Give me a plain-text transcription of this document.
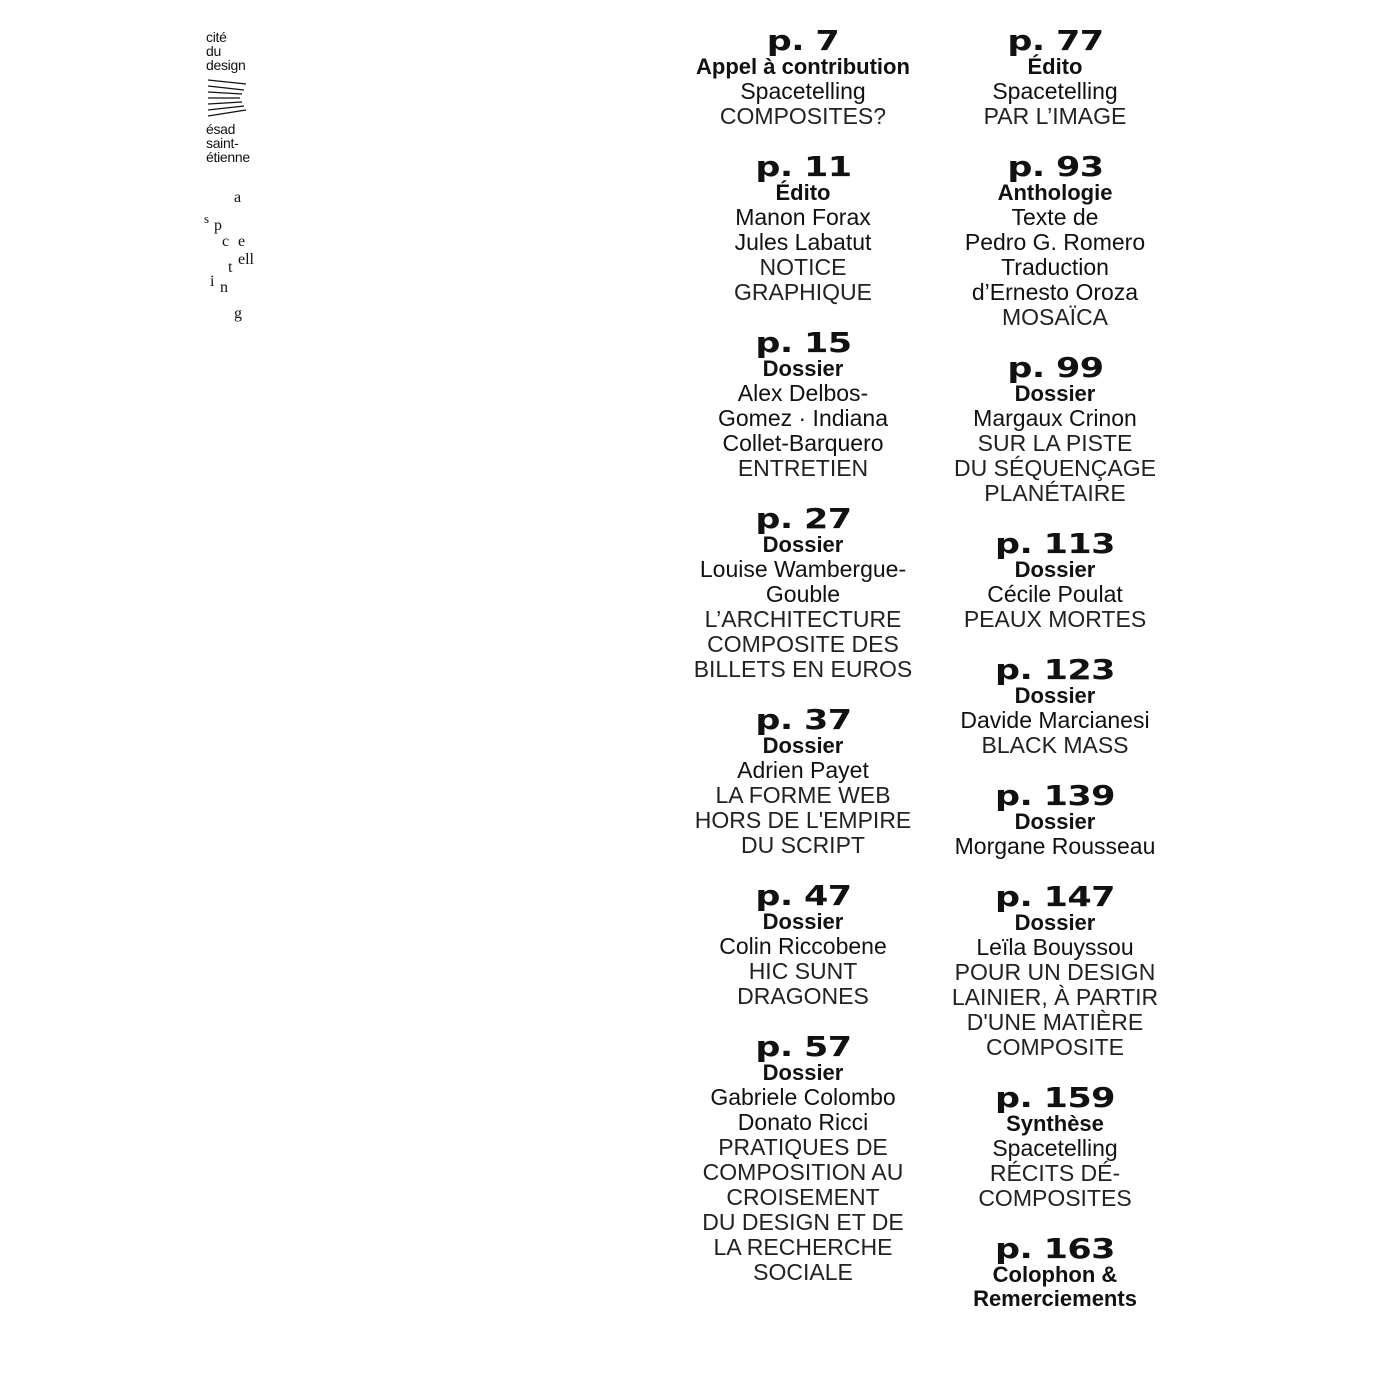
cité
du
design
ésad
saint-
étienne
a
s p
c e
t ell
i n
g
p. 7
Appel à contribution
Spacetelling
COMPOSITES?
p. 11
Édito
Manon Forax
Jules Labatut
NOTICE
GRAPHIQUE
p. 15
Dossier
Alex Delbos-
Gomez · Indiana
Collet-Barquero
ENTRETIEN
p. 27
Dossier
Louise Wambergue-
Gouble
L’ARCHITECTURE
COMPOSITE DES
BILLETS EN EUROS
p. 37
Dossier
Adrien Payet
LA FORME WEB
HORS DE L'EMPIRE
DU SCRIPT
p. 47
Dossier
Colin Riccobene
HIC SUNT
DRAGONES
p. 57
Dossier
Gabriele Colombo
Donato Ricci
PRATIQUES DE
COMPOSITION AU
CROISEMENT
DU DESIGN ET DE
LA RECHERCHE
SOCIALE
p. 77
Édito
Spacetelling
PAR L’IMAGE
p. 93
Anthologie
Texte de
Pedro G. Romero
Traduction
d’Ernesto Oroza
MOSAÏCA
p. 99
Dossier
Margaux Crinon
SUR LA PISTE
DU SÉQUENÇAGE
PLANÉTAIRE
p. 113
Dossier
Cécile Poulat
PEAUX MORTES
p. 123
Dossier
Davide Marcianesi
BLACK MASS
p. 139
Dossier
Morgane Rousseau
p. 147
Dossier
Leïla Bouyssou
POUR UN DESIGN
LAINIER, À PARTIR
D'UNE MATIÈRE
COMPOSITE
p. 159
Synthèse
Spacetelling
RÉCITS DÉ-
COMPOSITES
p. 163
Colophon &
Remerciements
